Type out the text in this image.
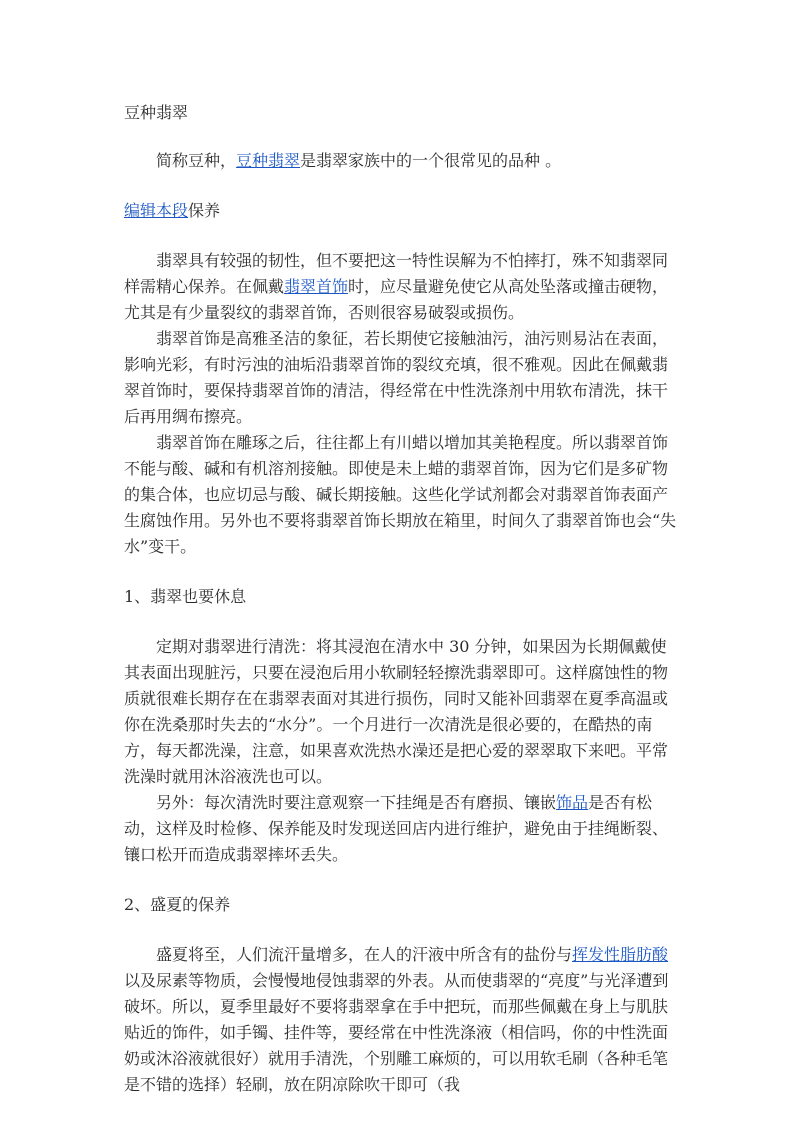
豆种翡翠

简称豆种，豆种翡翠是翡翠家族中的一个很常见的品种 。

编辑本段保养

翡翠具有较强的韧性，但不要把这一特性误解为不怕摔打，殊不知翡翠同样需精心保养。在佩戴翡翠首饰时，应尽量避免使它从高处坠落或撞击硬物，尤其是有少量裂纹的翡翠首饰，否则很容易破裂或损伤。

翡翠首饰是高雅圣洁的象征，若长期使它接触油污，油污则易沾在表面，影响光彩，有时污浊的油垢沿翡翠首饰的裂纹充填，很不雅观。因此在佩戴翡翠首饰时，要保持翡翠首饰的清洁，得经常在中性洗涤剂中用软布清洗，抹干后再用绸布擦亮。

翡翠首饰在雕琢之后，往往都上有川蜡以增加其美艳程度。所以翡翠首饰不能与酸、碱和有机溶剂接触。即使是未上蜡的翡翠首饰，因为它们是多矿物的集合体，也应切忌与酸、碱长期接触。这些化学试剂都会对翡翠首饰表面产生腐蚀作用。另外也不要将翡翠首饰长期放在箱里，时间久了翡翠首饰也会“失水”变干。

1、翡翠也要休息

定期对翡翠进行清洗：将其浸泡在清水中 30 分钟，如果因为长期佩戴使其表面出现脏污，只要在浸泡后用小软刷轻轻擦洗翡翠即可。这样腐蚀性的物质就很难长期存在在翡翠表面对其进行损伤，同时又能补回翡翠在夏季高温或你在洗桑那时失去的“水分”。一个月进行一次清洗是很必要的，在酷热的南方，每天都洗澡，注意，如果喜欢洗热水澡还是把心爱的翠翠取下来吧。平常洗澡时就用沐浴液洗也可以。

另外：每次清洗时要注意观察一下挂绳是否有磨损、镶嵌饰品是否有松动，这样及时检修、保养能及时发现送回店内进行维护，避免由于挂绳断裂、镶口松开而造成翡翠摔坏丢失。

2、盛夏的保养

盛夏将至，人们流汗量增多，在人的汗液中所含有的盐份与挥发性脂肪酸以及尿素等物质，会慢慢地侵蚀翡翠的外表。从而使翡翠的“亮度”与光泽遭到破坏。所以，夏季里最好不要将翡翠拿在手中把玩，而那些佩戴在身上与肌肤贴近的饰件，如手镯、挂件等，要经常在中性洗涤液（相信吗，你的中性洗面奶或沐浴液就很好）就用手清洗，个别雕工麻烦的，可以用软毛刷（各种毛笔是不错的选择）轻刷，放在阴凉除吹干即可（我
